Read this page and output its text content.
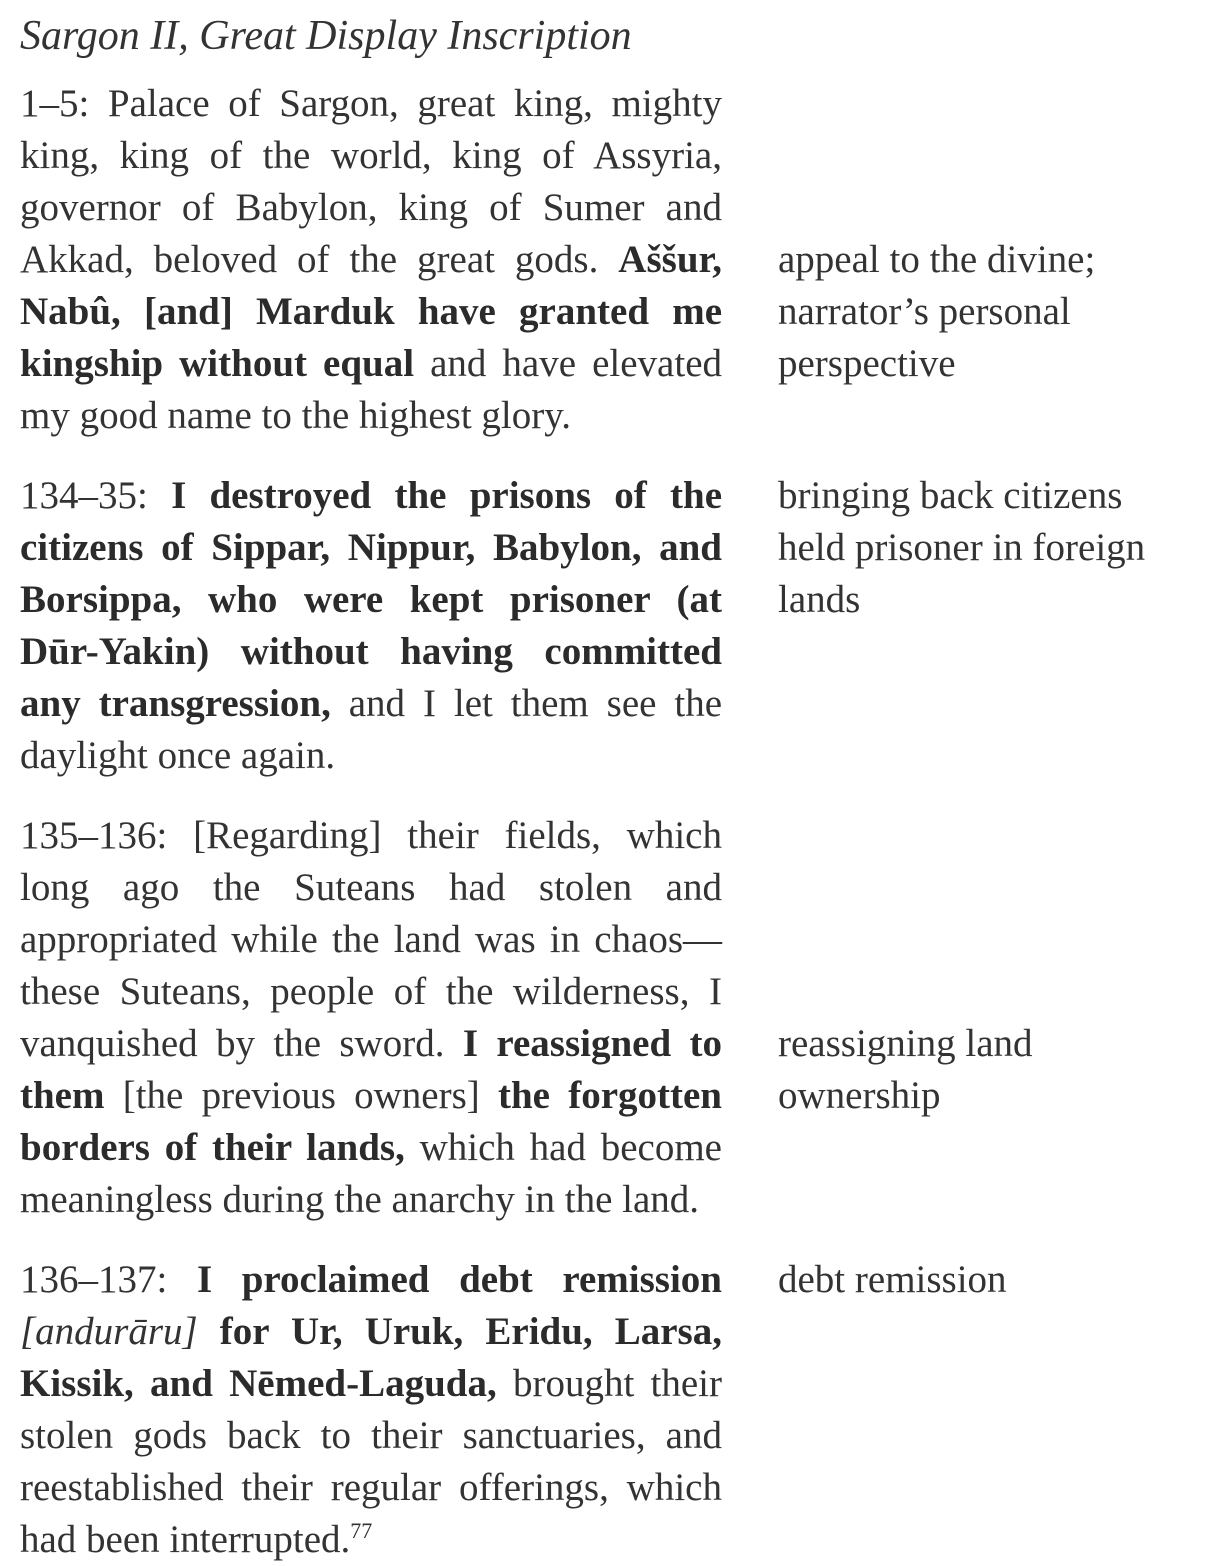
Sargon II, Great Display Inscription

1–5: Palace of Sargon, great king, mighty king, king of the world, king of Assyria, governor of Babylon, king of Sumer and Akkad, beloved of the great gods. Aššur, Nabû, [and] Marduk have granted me kingship without equal and have elevated my good name to the highest glory.

appeal to the divine; narrator’s personal perspective

134–35: I destroyed the prisons of the citizens of Sippar, Nippur, Babylon, and Borsippa, who were kept prisoner (at Dūr-Yakin) without having committed any transgression, and I let them see the daylight once again.

bringing back citizens held prisoner in foreign lands

135–136: [Regarding] their fields, which long ago the Suteans had stolen and appropriated while the land was in chaos—these Suteans, people of the wilderness, I vanquished by the sword. I reassigned to them [the previous owners] the forgotten borders of their lands, which had become meaningless during the anarchy in the land.

reassigning land ownership

136–137: I proclaimed debt remission [andurāru] for Ur, Uruk, Eridu, Larsa, Kissik, and Nēmed-Laguda, brought their stolen gods back to their sanctuaries, and reestablished their regular offerings, which had been interrupted.$^{77}$

debt remission
